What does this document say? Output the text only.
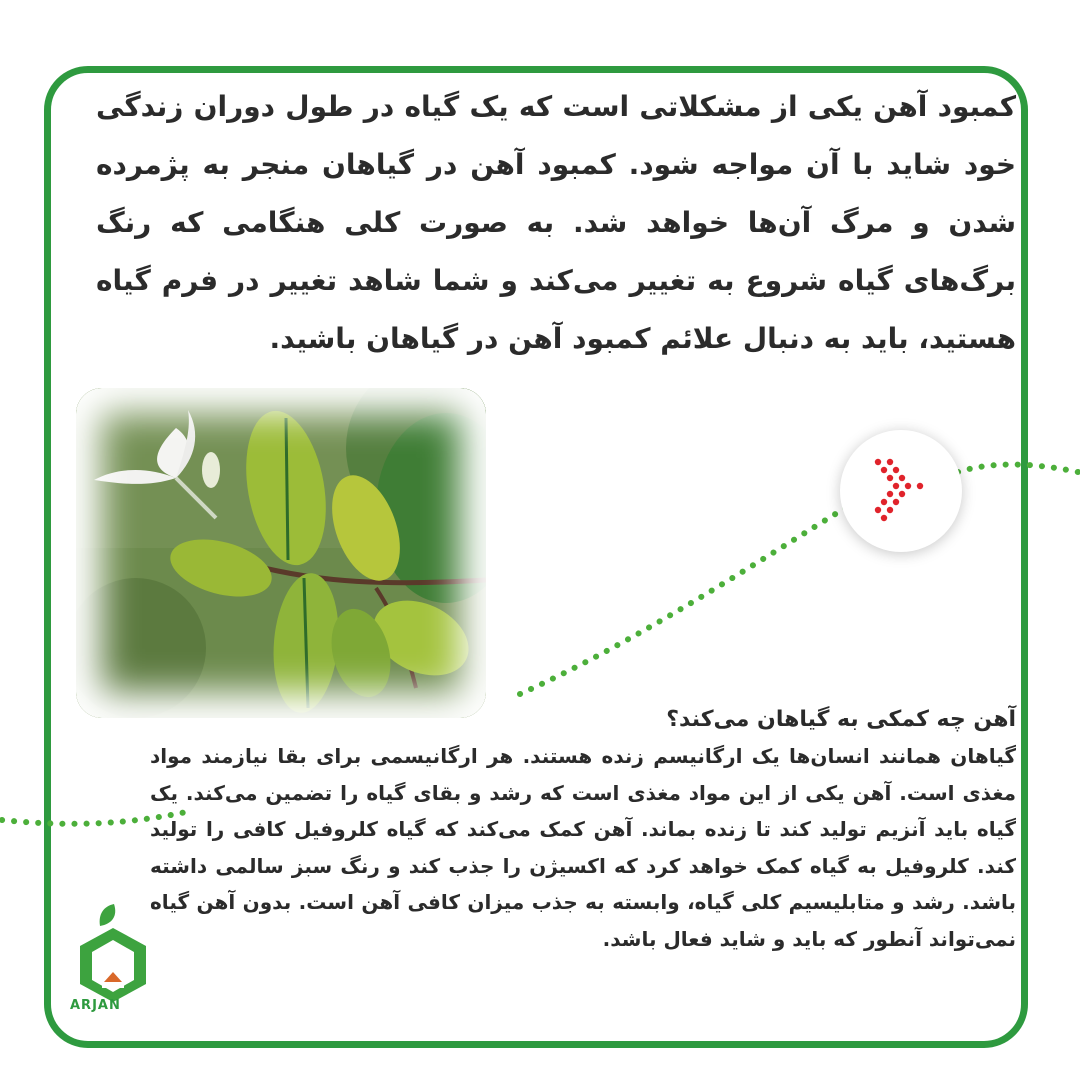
کمبود آهن یکی از مشکلاتی است که یک گیاه در طول دوران زندگی خود شاید با آن مواجه شود. کمبود آهن در گیاهان منجر به پژمرده شدن و مرگ آن‌ها خواهد شد. به صورت کلی هنگامی که رنگ برگ‌های گیاه شروع به تغییر می‌کند و شما شاهد تغییر در فرم گیاه هستید، باید به دنبال علائم کمبود آهن در گیاهان باشید.

آهن چه کمکی به گیاهان می‌کند؟

گیاهان همانند انسان‌ها یک ارگانیسم زنده هستند. هر ارگانیسمی برای بقا نیازمند مواد مغذی است. آهن یکی از این مواد مغذی است که رشد و بقای گیاه را تضمین می‌کند. یک گیاه باید آنزیم تولید کند تا زنده بماند. آهن کمک می‌کند که گیاه کلروفیل کافی را تولید کند. کلروفیل به گیاه کمک خواهد کرد که اکسیژن را جذب کند و رنگ سبز سالمی داشته باشد. رشد و متابلیسیم کلی گیاه، وابسته به جذب میزان کافی آهن است. بدون آهن گیاه نمی‌تواند آنطور که باید و شاید فعال باشد.

ARJAN
